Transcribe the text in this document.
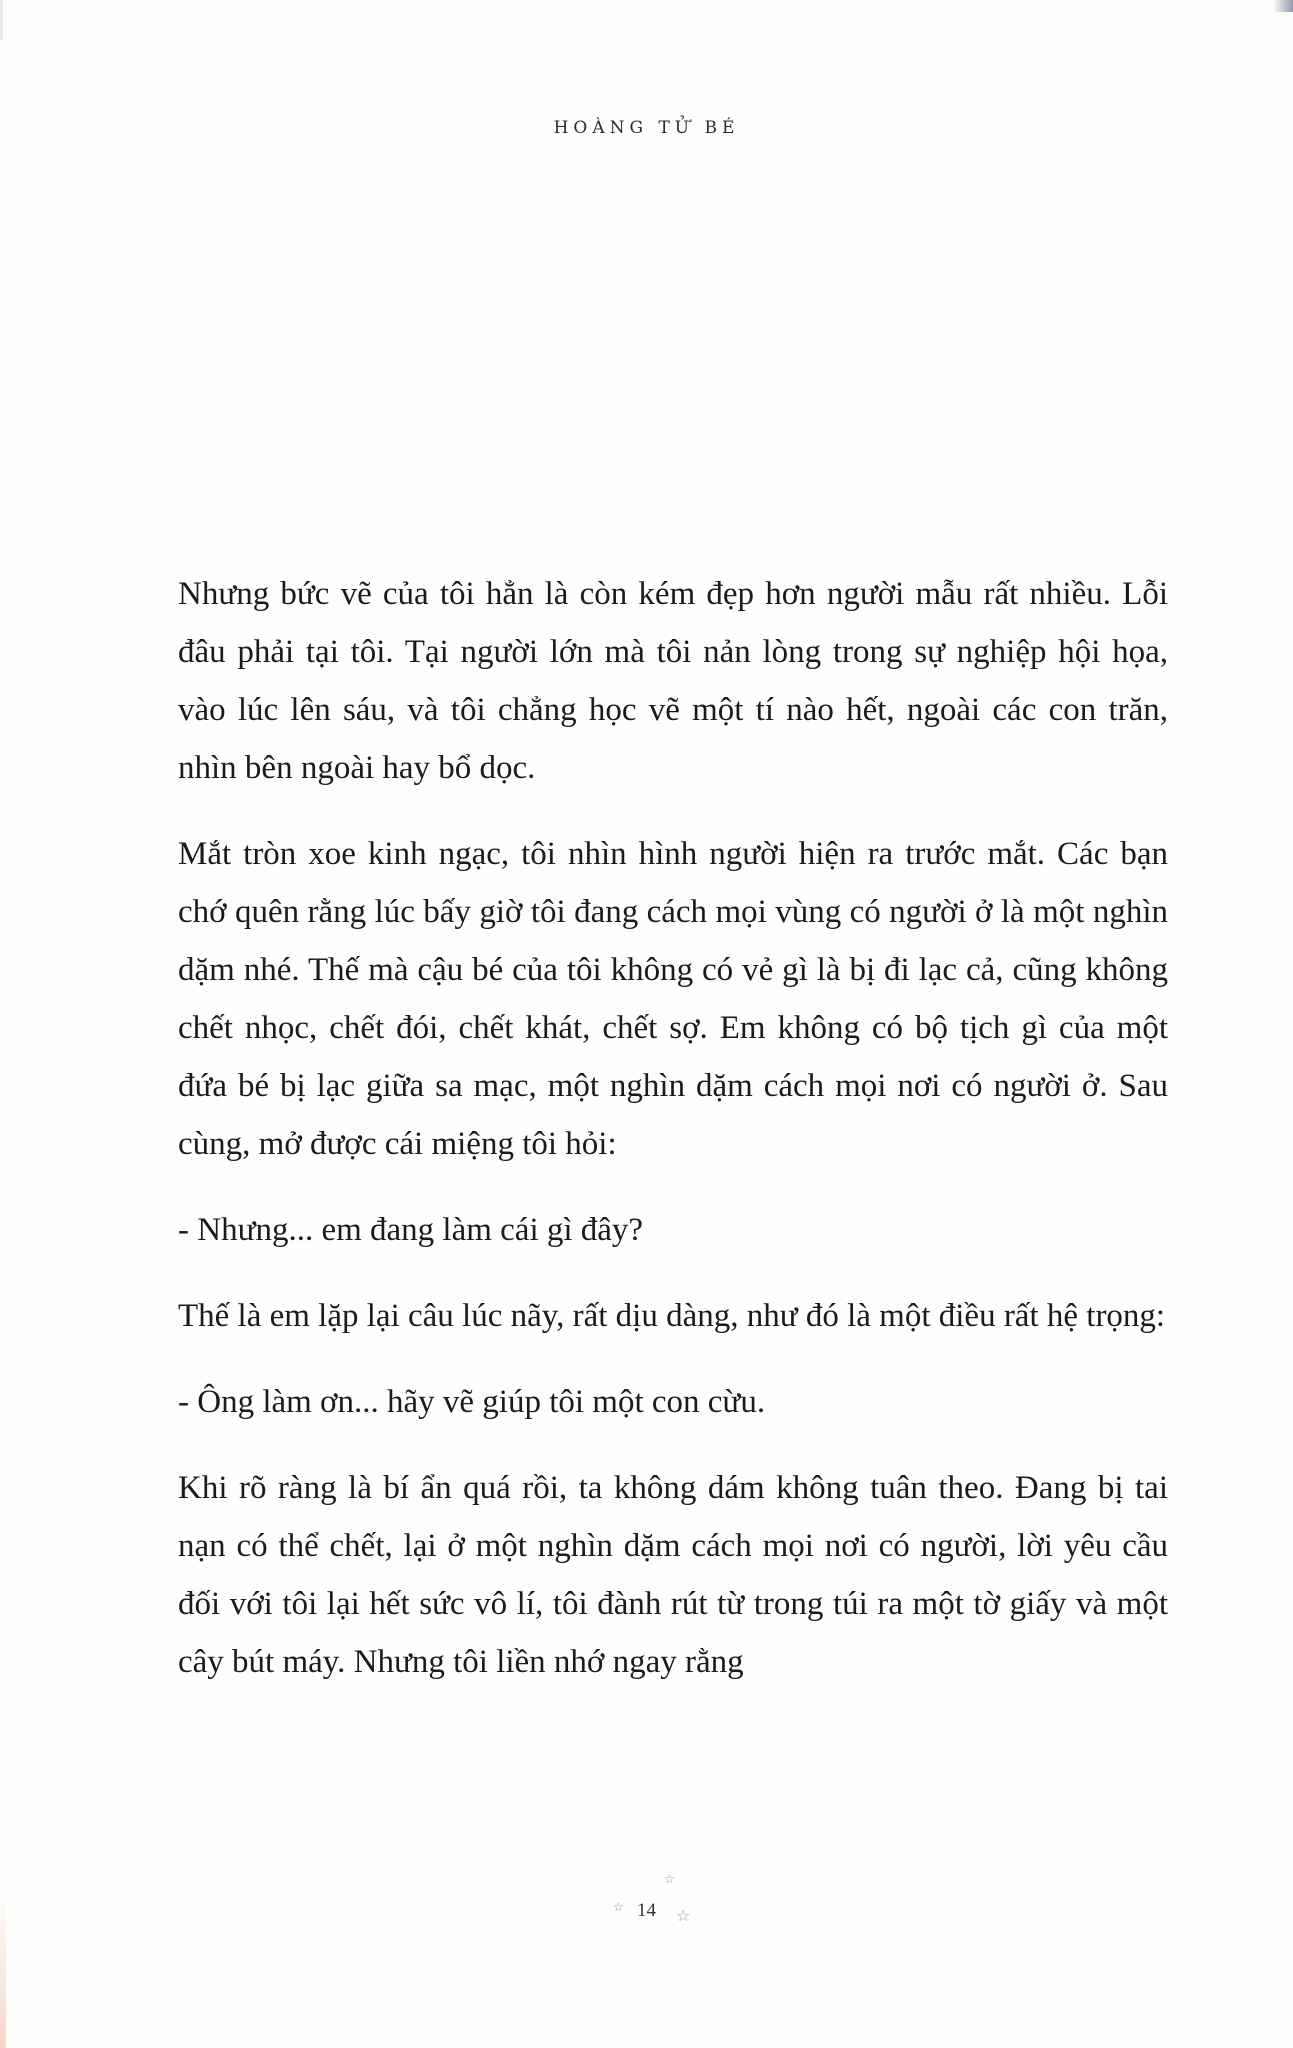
HOÀNG TỬ BÉ

Nhưng bức vẽ của tôi hẳn là còn kém đẹp hơn người mẫu rất nhiều. Lỗi đâu phải tại tôi. Tại người lớn mà tôi nản lòng trong sự nghiệp hội họa, vào lúc lên sáu, và tôi chẳng học vẽ một tí nào hết, ngoài các con trăn, nhìn bên ngoài hay bổ dọc.

Mắt tròn xoe kinh ngạc, tôi nhìn hình người hiện ra trước mắt. Các bạn chớ quên rằng lúc bấy giờ tôi đang cách mọi vùng có người ở là một nghìn dặm nhé. Thế mà cậu bé của tôi không có vẻ gì là bị đi lạc cả, cũng không chết nhọc, chết đói, chết khát, chết sợ. Em không có bộ tịch gì của một đứa bé bị lạc giữa sa mạc, một nghìn dặm cách mọi nơi có người ở. Sau cùng, mở được cái miệng tôi hỏi:

- Nhưng... em đang làm cái gì đây?

Thế là em lặp lại câu lúc nãy, rất dịu dàng, như đó là một điều rất hệ trọng:

- Ông làm ơn... hãy vẽ giúp tôi một con cừu.

Khi rõ ràng là bí ẩn quá rồi, ta không dám không tuân theo. Đang bị tai nạn có thể chết, lại ở một nghìn dặm cách mọi nơi có người, lời yêu cầu đối với tôi lại hết sức vô lí, tôi đành rút từ trong túi ra một tờ giấy và một cây bút máy. Nhưng tôi liền nhớ ngay rằng

☆
☆	☆
14
